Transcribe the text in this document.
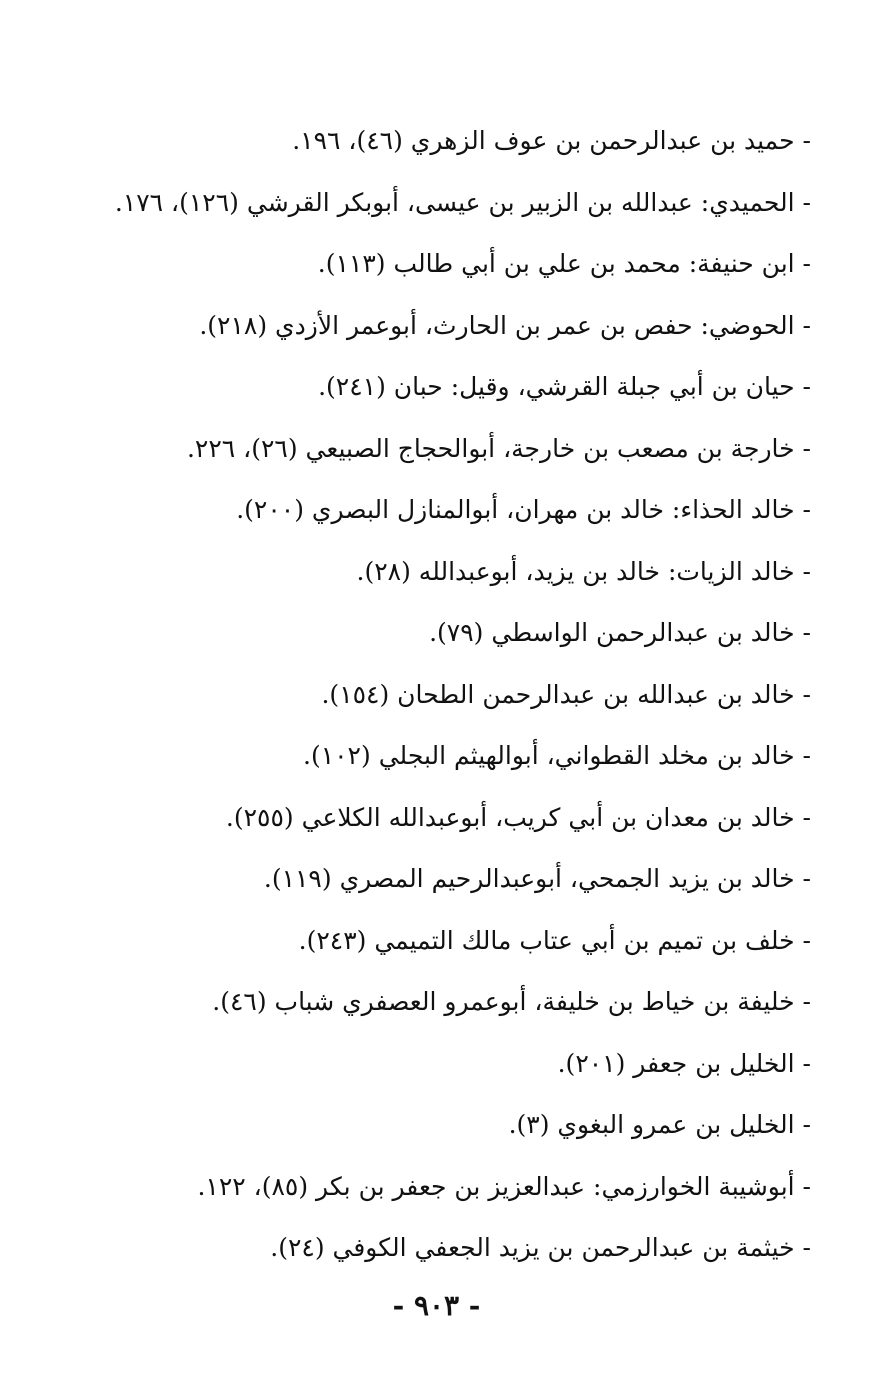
- حميد بن عبدالرحمن بن عوف الزهري (٤٦)، ١٩٦.
- الحميدي: عبدالله بن الزبير بن عيسى، أبوبكر القرشي (١٢٦)، ١٧٦.
- ابن حنيفة: محمد بن علي بن أبي طالب (١١٣).
- الحوضي: حفص بن عمر بن الحارث، أبوعمر الأزدي (٢١٨).
- حيان بن أبي جبلة القرشي، وقيل: حبان (٢٤١).
- خارجة بن مصعب بن خارجة، أبوالحجاج الصبيعي (٢٦)، ٢٢٦.
- خالد الحذاء: خالد بن مهران، أبوالمنازل البصري (٢٠٠).
- خالد الزيات: خالد بن يزيد، أبوعبدالله (٢٨).
- خالد بن عبدالرحمن الواسطي (٧٩).
- خالد بن عبدالله بن عبدالرحمن الطحان (١٥٤).
- خالد بن مخلد القطواني، أبوالهيثم البجلي (١٠٢).
- خالد بن معدان بن أبي كريب، أبوعبدالله الكلاعي (٢٥٥).
- خالد بن يزيد الجمحي، أبوعبدالرحيم المصري (١١٩).
- خلف بن تميم بن أبي عتاب مالك التميمي (٢٤٣).
- خليفة بن خياط بن خليفة، أبوعمرو العصفري شباب (٤٦).
- الخليل بن جعفر (٢٠١).
- الخليل بن عمرو البغوي (٣).
- أبوشيبة الخوارزمي: عبدالعزيز بن جعفر بن بكر (٨٥)، ١٢٢.
- خيثمة بن عبدالرحمن بن يزيد الجعفي الكوفي (٢٤).
- ٩٠٣ -
